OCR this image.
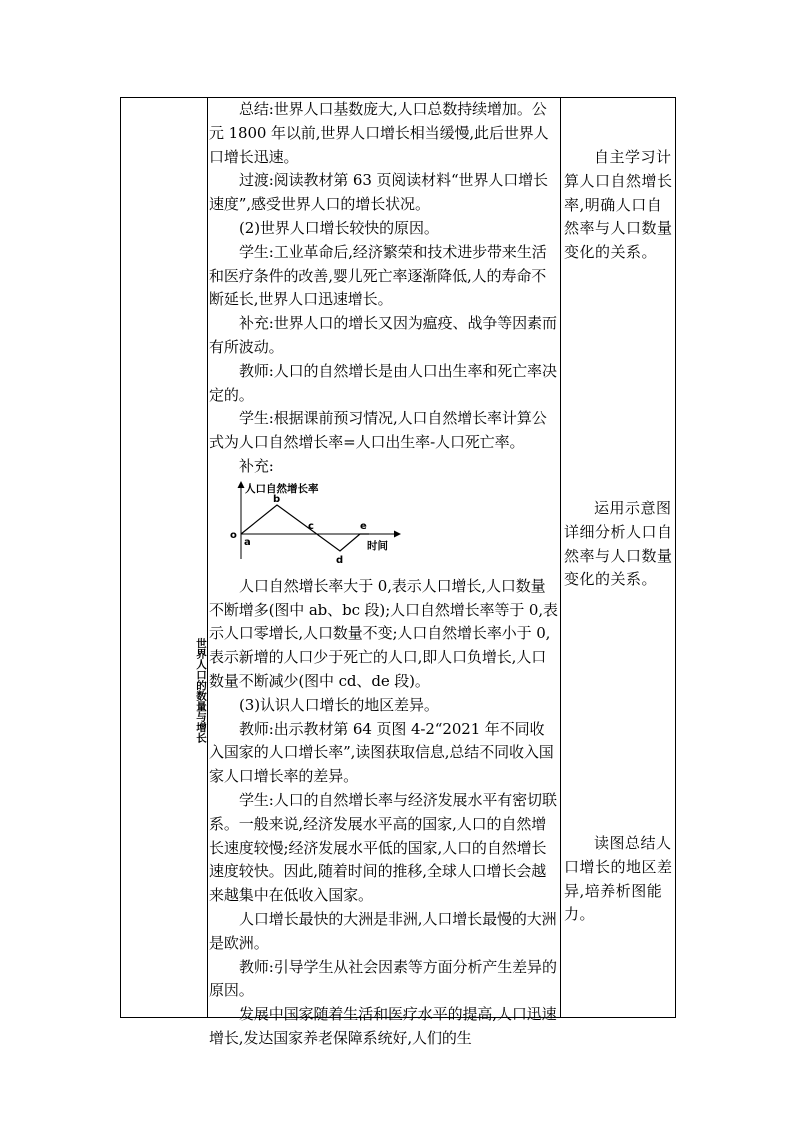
世界人口的数量与增长

总结:世界人口基数庞大,人口总数持续增加。公元 1800 年以前,世界人口增长相当缓慢,此后世界人口增长迅速。

过渡:阅读教材第 63 页阅读材料“世界人口增长速度”,感受世界人口的增长状况。

(2)世界人口增长较快的原因。

学生:工业革命后,经济繁荣和技术进步带来生活和医疗条件的改善,婴儿死亡率逐渐降低,人的寿命不断延长,世界人口迅速增长。

补充:世界人口的增长又因为瘟疫、战争等因素而有所波动。

教师:人口的自然增长是由人口出生率和死亡率决定的。

学生:根据课前预习情况,人口自然增长率计算公式为人口自然增长率=人口出生率-人口死亡率。

补充:

人口自然增长率
时间
o
a
b
c
d
e

人口自然增长率大于 0,表示人口增长,人口数量不断增多(图中 ab、bc 段);人口自然增长率等于 0,表示人口零增长,人口数量不变;人口自然增长率小于 0,表示新增的人口少于死亡的人口,即人口负增长,人口数量不断减少(图中 cd、de 段)。

(3)认识人口增长的地区差异。

教师:出示教材第 64 页图 4-2“2021 年不同收入国家的人口增长率”,读图获取信息,总结不同收入国家人口增长率的差异。

学生:人口的自然增长率与经济发展水平有密切联系。一般来说,经济发展水平高的国家,人口的自然增长速度较慢;经济发展水平低的国家,人口的自然增长速度较快。因此,随着时间的推移,全球人口增长会越来越集中在低收入国家。

人口增长最快的大洲是非洲,人口增长最慢的大洲是欧洲。

教师:引导学生从社会因素等方面分析产生差异的原因。

发展中国家随着生活和医疗水平的提高,人口迅速增长,发达国家养老保障系统好,人们的生

自主学习计算人口自然增长率,明确人口自然率与人口数量变化的关系。

运用示意图详细分析人口自然率与人口数量变化的关系。

读图总结人口增长的地区差异,培养析图能力。
